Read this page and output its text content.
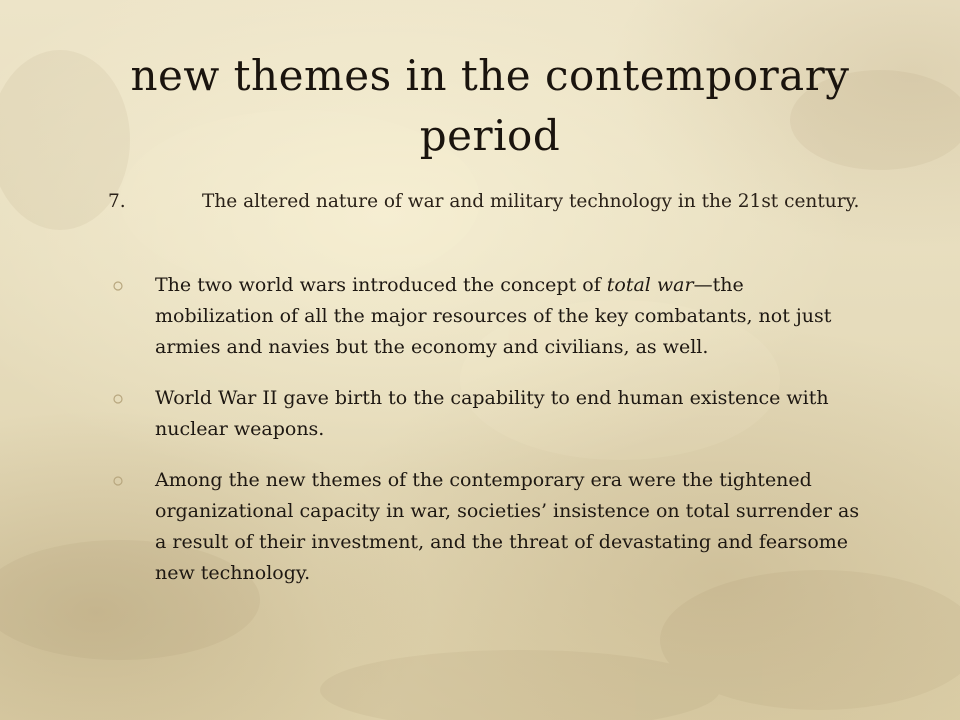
new themes in the contemporary period
7.	The altered nature of war and military technology in the 21st century.
The two world wars introduced the concept of total war—the mobilization of all the major resources of the key combatants, not just armies and navies but the economy and civilians, as well.
World War II gave birth to the capability to end human existence with nuclear weapons.
Among the new themes of the contemporary era were the tightened organizational capacity in war, societies’ insistence on total surrender as a result of their investment, and the threat of devastating and fearsome new technology.
